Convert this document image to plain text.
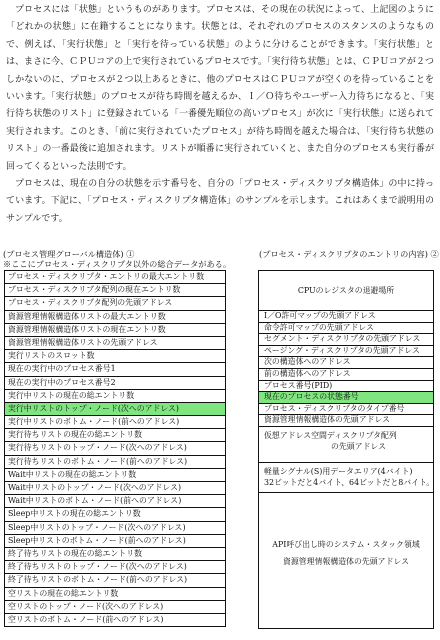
プロセスには「状態」というものがあります。プロセスは、その現在の状況によって、上記図のように「どれかの状態」に在籍することになります。状態とは、それぞれのプロセスのスタンスのようなもので、例えば、「実行状態」と「実行を待っている状態」のように分けることができます。「実行状態」とは、まさに今、ＣＰＵコアの上で実行されているプロセスです。「実行待ち状態」とは、ＣＰＵコアが２つしかないのに、プロセスが２つ以上あるときに、他のプロセスはＣＰＵコアが空くのを待っていることをいいます。「実行状態」のプロセスが待ち時間を越えるか、Ｉ／Ｏ待ちやユーザー入力待ちになると、「実行待ち状態のリスト」に登録されている「一番優先順位の高いプロセス」が次に「実行状態」に送られて実行されます。このとき、「前に実行されていたプロセス」が待ち時間を越えた場合は、「実行待ち状態のリスト」の一番最後に追加されます。リストが順番に実行されていくと、また自分のプロセスも実行番が回ってくるといった法則です。

プロセスは、現在の自分の状態を示す番号を、自分の「プロセス・ディスクリプタ構造体」の中に持っています。下記に、「プロセス・ディスクリプタ構造体」のサンプルを示します。これはあくまで説明用のサンプルです。

(プロセス管理グローバル構造体) ①
※ここにプロセス・ディスクリプタ以外の総合データがある。
(プロセス・ディスクリプタのエントリの内容) ②
プロセス・ディスクリプタ・エントリの最大エントリ数
プロセス・ディスクリプタ配列の現在エントリ数
プロセス・ディスクリプタ配列の先頭アドレス
資源管理情報構造体リストの最大エントリ数
資源管理情報構造体リストの現在エントリ数
資源管理情報構造体リストの先頭アドレス
実行リストのスロット数
現在の実行中のプロセス番号1
現在の実行中のプロセス番号2
実行中リストの現在の総エントリ数
実行中リストのトップ・ノード(次へのアドレス)
実行中リストのボトム・ノード(前へのアドレス)
実行待ちリストの現在の総エントリ数
実行待ちリストのトップ・ノード(次へのアドレス)
実行待ちリストのボトム・ノード(前へのアドレス)
Wait中リストの現在の総エントリ数
Wait中リストのトップ・ノード(次へのアドレス)
Wait中リストのボトム・ノード(前へのアドレス)
Sleep中リストの現在の総エントリ数
Sleep中リストのトップ・ノード(次へのアドレス)
Sleep中リストのボトム・ノード(前へのアドレス)
終了待ちリストの現在の総エントリ数
終了待ちリストのトップ・ノード(次へのアドレス)
終了待ちリストのボトム・ノード(前へのアドレス)
空リストの現在の総エントリ数
空リストのトップ・ノード(次へのアドレス)
空リストのボトム・ノード(前へのアドレス)
CPUのレジスタの退避場所
I／O許可マップの先頭アドレス
命令許可マップの先頭アドレス
セグメント・ディスクリプタの先頭アドレス
ページング・ディスクリプタの先頭アドレス
次の構造体へのアドレス
前の構造体へのアドレス
プロセス番号(PID)
現在のプロセスの状態番号
プロセス・ディスクリプタのタイプ番号
資源管理情報構造体の先頭アドレス
仮想アドレス空間ディスクリプタ配列
の先頭アドレス
軽量シグナル(S)用データエリア(4バイト)
32ビットだと4バイト、64ビットだと8バイト。
API呼び出し時のシステム・スタック領域
資源管理情報構造体の先頭アドレス
